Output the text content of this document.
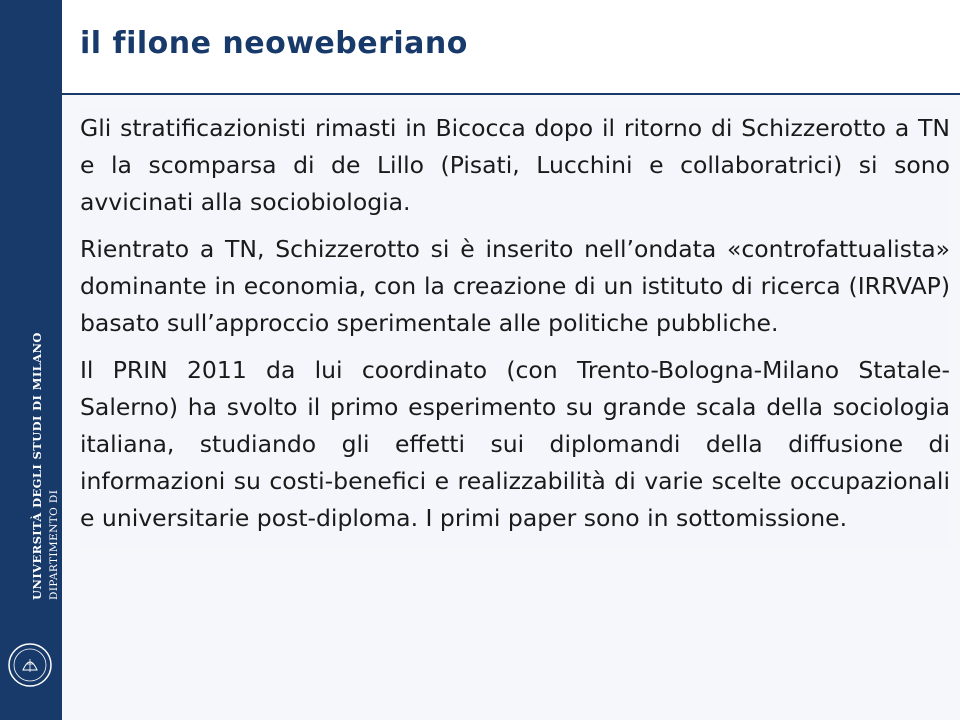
UNIVERSITÀ DEGLI STUDI DI MILANO DIPARTIMENTO DI
il filone neoweberiano

Gli stratificazionisti rimasti in Bicocca dopo il ritorno di Schizzerotto a TN e la scomparsa di de Lillo (Pisati, Lucchini e collaboratrici) si sono avvicinati alla sociobiologia.

Rientrato a TN, Schizzerotto si è inserito nell’ondata «controfattualista» dominante in economia, con la creazione di un istituto di ricerca (IRRVAP) basato sull’approccio sperimentale alle politiche pubbliche.

Il PRIN 2011 da lui coordinato (con Trento-Bologna-Milano Statale-Salerno) ha svolto il primo esperimento su grande scala della sociologia italiana, studiando gli effetti sui diplomandi della diffusione di informazioni su costi-benefici e realizzabilità di varie scelte occupazionali e universitarie post-diploma. I primi paper sono in sottomissione.
